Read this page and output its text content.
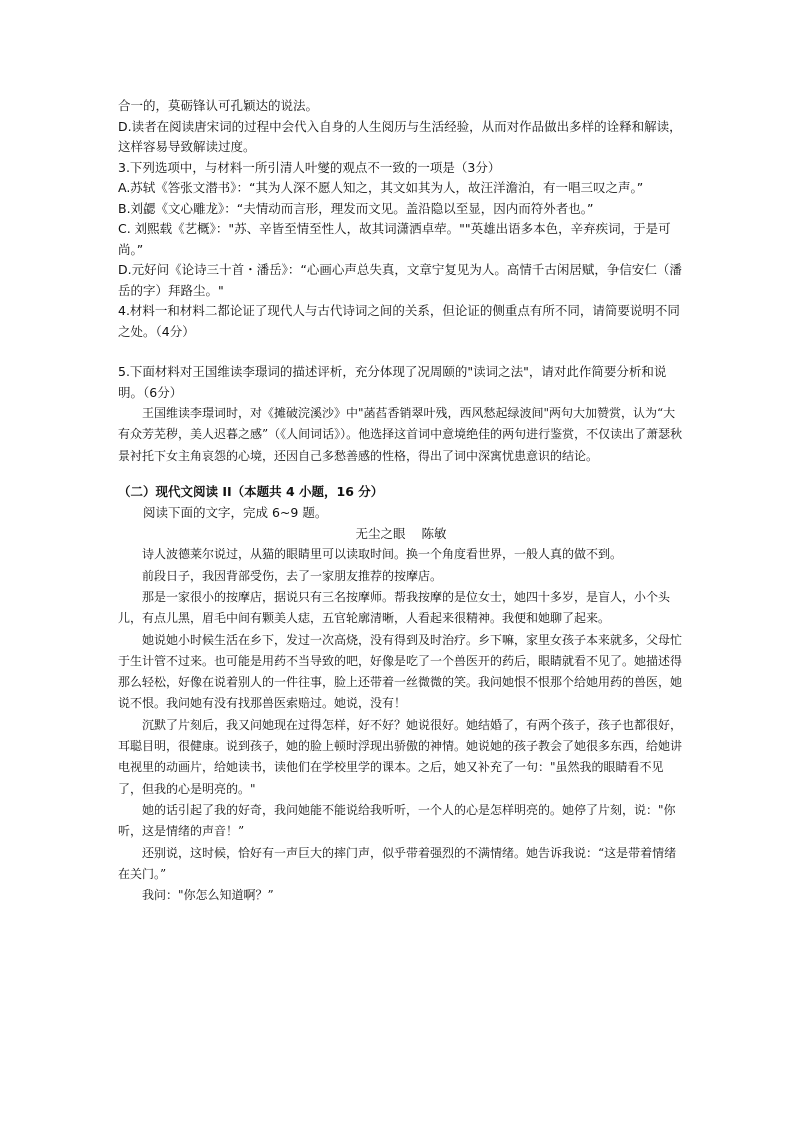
合一的，莫砺锋认可孔颖达的说法。

D.读者在阅读唐宋词的过程中会代入自身的人生阅历与生活经验，从而对作品做出多样的诠释和解读，这样容易导致解读过度。

3.下列选项中，与材料一所引清人叶燮的观点不一致的一项是（3分）

A.苏轼《答张文潜书》：“其为人深不愿人知之，其文如其为人，故汪洋澹泊，有一唱三叹之声。”

B.刘勰《文心雕龙》：“夫情动而言形，理发而文见。盖沿隐以至显，因内而符外者也。”

C. 刘熙载《艺概》："苏、辛皆至情至性人，故其词潇洒卓荦。""英雄出语多本色，辛弃疾词，于是可尚。”

D.元好问《论诗三十首・潘岳》：“心画心声总失真，文章宁复见为人。高情千古闲居赋，争信安仁（潘岳的字）拜路尘。"

4.材料一和材料二都论证了现代人与古代诗词之间的关系，但论证的侧重点有所不同，请简要说明不同之处。（4分）

5.下面材料对王国维读李璟词的描述评析，充分体现了况周颐的"读词之法"，请对此作简要分析和说明。（6分）

王国维读李璟词时，对《摊破浣溪沙》中"菡萏香销翠叶残，西风愁起绿波间"两句大加赞赏，认为“大有众芳芜秽，美人迟暮之感”（《人间词话》）。他选择这首词中意境绝佳的两句进行鉴赏，不仅读出了萧瑟秋景衬托下女主角哀怨的心境，还因自己多愁善感的性格，得出了词中深寓忧患意识的结论。

（二）现代文阅读 II（本题共 4 小题，16 分）

阅读下面的文字，完成 6~9 题。

无尘之眼 陈敏

诗人波德莱尔说过，从猫的眼睛里可以读取时间。换一个角度看世界，一般人真的做不到。

前段日子，我因背部受伤，去了一家朋友推荐的按摩店。

那是一家很小的按摩店，据说只有三名按摩师。帮我按摩的是位女士，她四十多岁，是盲人，小个头儿，有点儿黑，眉毛中间有颗美人痣，五官轮廓清晰，人看起来很精神。我便和她聊了起来。

她说她小时候生活在乡下，发过一次高烧，没有得到及时治疗。乡下嘛，家里女孩子本来就多，父母忙于生计管不过来。也可能是用药不当导致的吧，好像是吃了一个兽医开的药后，眼睛就看不见了。她描述得那么轻松，好像在说着别人的一件往事，脸上还带着一丝微微的笑。我问她恨不恨那个给她用药的兽医，她说不恨。我问她有没有找那兽医索赔过。她说，没有！

沉默了片刻后，我又问她现在过得怎样，好不好？她说很好。她结婚了，有两个孩子，孩子也都很好，耳聪目明，很健康。说到孩子，她的脸上顿时浮现出骄傲的神情。她说她的孩子教会了她很多东西，给她讲电视里的动画片，给她读书，读他们在学校里学的课本。之后，她又补充了一句："虽然我的眼睛看不见了，但我的心是明亮的。"

她的话引起了我的好奇，我问她能不能说给我听听，一个人的心是怎样明亮的。她停了片刻，说："你听，这是情绪的声音！”

还别说，这时候，恰好有一声巨大的摔门声，似乎带着强烈的不满情绪。她告诉我说：“这是带着情绪在关门。”

我问："你怎么知道啊？”
